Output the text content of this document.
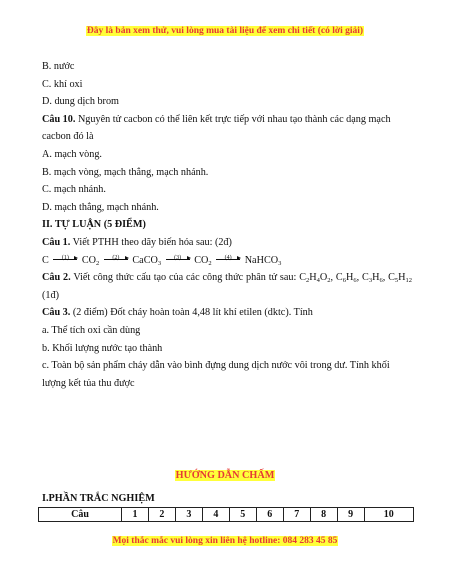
Đây là bản xem thử, vui lòng mua tài liệu để xem chi tiết (có lời giải)
B. nước
C. khí oxi
D. dung dịch brom
Câu 10. Nguyên tử cacbon có thể liên kết trực tiếp với nhau tạo thành các dạng mạch cacbon đó là
A. mạch vòng.
B. mạch vòng, mạch thẳng, mạch nhánh.
C. mạch nhánh.
D. mạch thẳng, mạch nhánh.
II. TỰ LUẬN (5 ĐIỂM)
Câu 1. Viết PTHH theo dãy biến hóa sau: (2đ)
C	(1)	$CO_2$
(2)	CaCO$_3$
(3)	$CO_2$
(4)	NaHCO$_3$
Câu 2. Viết công thức cấu tạo của các công thức phân tử sau: $C_2H_4O_2$, $C_6H_6$, $C_3H_6$, $C_5H_{12}$ (1đ)
Câu 3. (2 điểm) Đốt cháy hoàn toàn 4,48 lít khí etilen (dktc). Tính
a. Thể tích oxi cần dùng
b. Khối lượng nước tạo thành
c. Toàn bộ sản phẩm cháy dẫn vào bình đựng dung dịch nước vôi trong dư. Tính khối lượng kết tủa thu được
HƯỚNG DẪN CHẤM
I.PHẦN TRẮC NGHIỆM
Câu	1	2	3	4	5	6	7	8	9	10
Mọi thắc mắc vui lòng xin liên hệ hotline: 084 283 45 85
